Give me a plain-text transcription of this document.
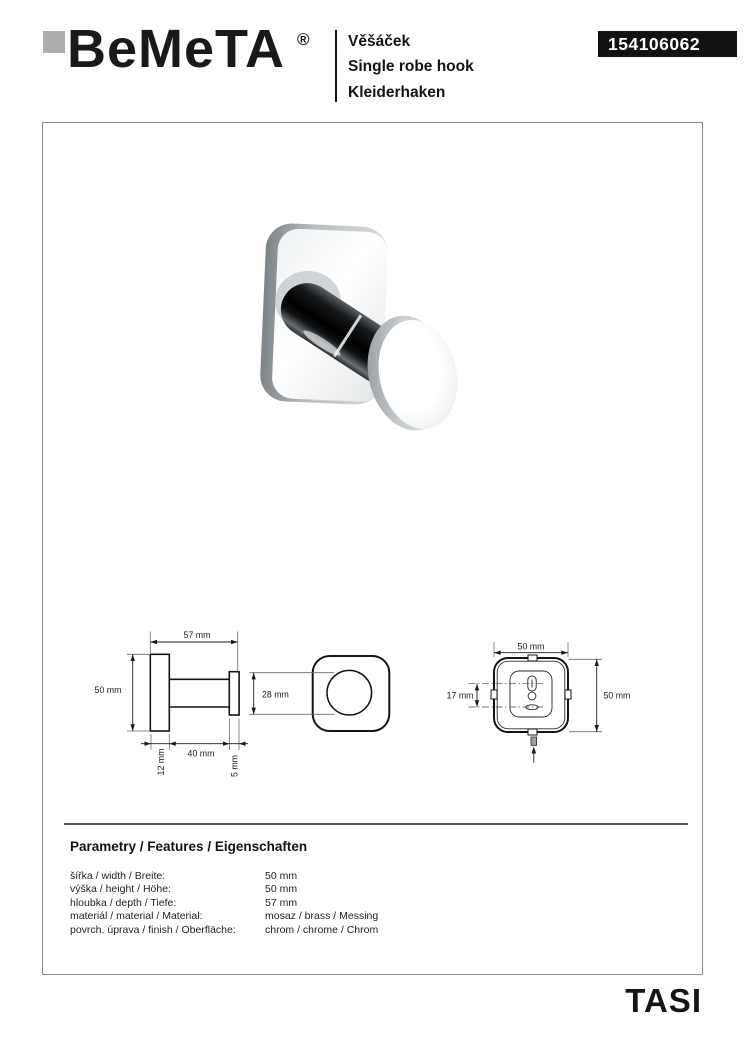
BeMeTA ® Věšáček
Single robe hook
Kleiderhaken
154106062
57 mm
50 mm
40 mm
12 mm	5 mm
28 mm
50 mm
50 mm
17 mm
Parametry / Features / Eigenschaften
šířka / width / Breite:	50 mm
výška / height / Höhe:	50 mm
hloubka / depth / Tiefe:	57 mm
materiál / material / Material:	mosaz / brass / Messing
povrch. úprava / finish / Oberfläche:	chrom / chrome / Chrom
TASI
